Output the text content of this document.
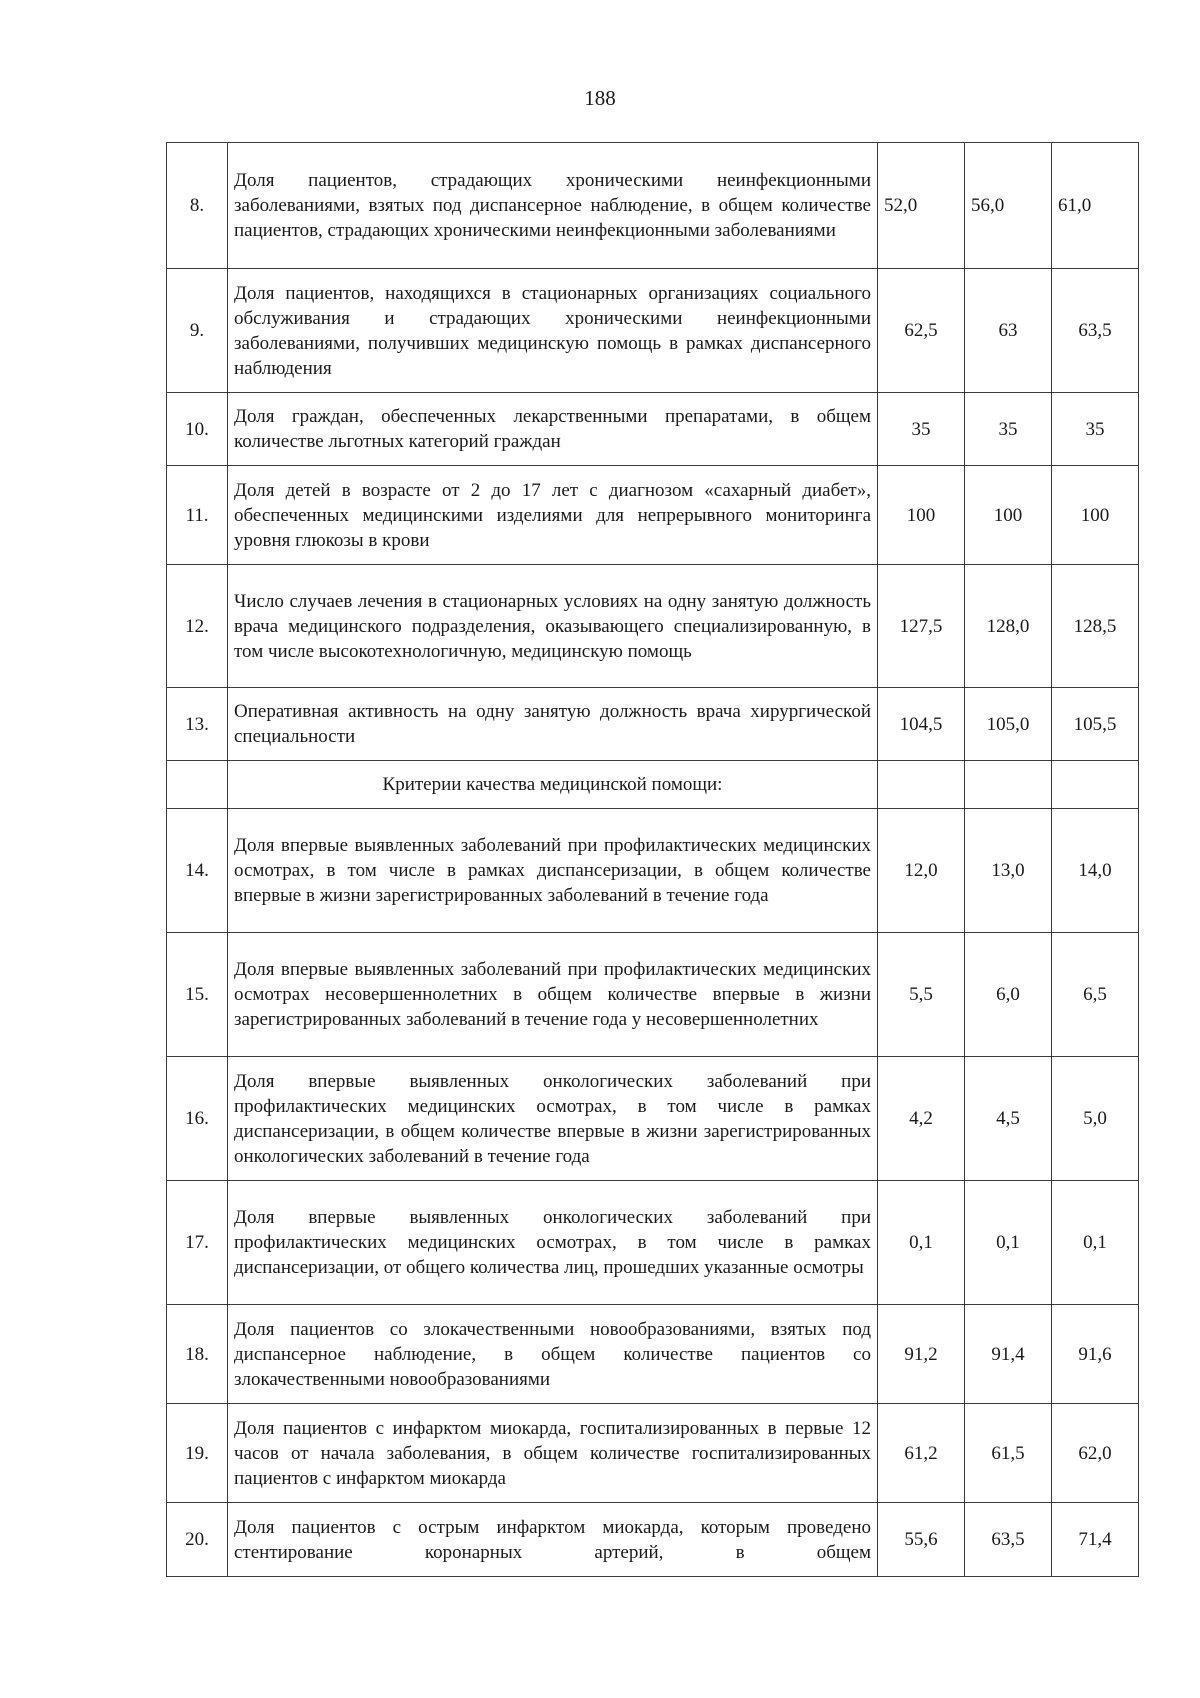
188
8.	Доля пациентов, страдающих хроническими неинфекционными заболеваниями, взятых под диспансерное наблюдение, в общем количестве пациентов, страдающих хроническими неинфекционными заболеваниями	52,0	56,0	61,0
9.	Доля пациентов, находящихся в стационарных организациях социального обслуживания и страдающих хроническими неинфекционными заболеваниями, получивших медицинскую помощь в рамках диспансерного наблюдения	62,5	63	63,5
10.	Доля граждан, обеспеченных лекарственными препаратами, в общем количестве льготных категорий граждан	35	35	35
11.	Доля детей в возрасте от 2 до 17 лет с диагнозом «сахарный диабет», обеспеченных медицинскими изделиями для непрерывного мониторинга уровня глюкозы в крови	100	100	100
12.	Число случаев лечения в стационарных условиях на одну занятую должность врача медицинского подразделения, оказывающего специализированную, в том числе высокотехнологичную, медицинскую помощь	127,5	128,0	128,5
13.	Оперативная активность на одну занятую должность врача хирургической специальности	104,5	105,0	105,5
	Критерии качества медицинской помощи:			
14.	Доля впервые выявленных заболеваний при профилактических медицинских осмотрах, в том числе в рамках диспансеризации, в общем количестве впервые в жизни зарегистрированных заболеваний в течение года	12,0	13,0	14,0
15.	Доля впервые выявленных заболеваний при профилактических медицинских осмотрах несовершеннолетних в общем количестве впервые в жизни зарегистрированных заболеваний в течение года у несовершеннолетних	5,5	6,0	6,5
16.	Доля впервые выявленных онкологических заболеваний при профилактических медицинских осмотрах, в том числе в рамках диспансеризации, в общем количестве впервые в жизни зарегистрированных онкологических заболеваний в течение года	4,2	4,5	5,0
17.	Доля впервые выявленных онкологических заболеваний при профилактических медицинских осмотрах, в том числе в рамках диспансеризации, от общего количества лиц, прошедших указанные осмотры	0,1	0,1	0,1
18.	Доля пациентов со злокачественными новообразованиями, взятых под диспансерное наблюдение, в общем количестве пациентов со злокачественными новообразованиями	91,2	91,4	91,6
19.	Доля пациентов с инфарктом миокарда, госпитализированных в первые 12 часов от начала заболевания, в общем количестве госпитализированных пациентов с инфарктом миокарда	61,2	61,5	62,0
20.	Доля пациентов с острым инфарктом миокарда, которым проведено стентирование коронарных артерий, в общем	55,6	63,5	71,4
